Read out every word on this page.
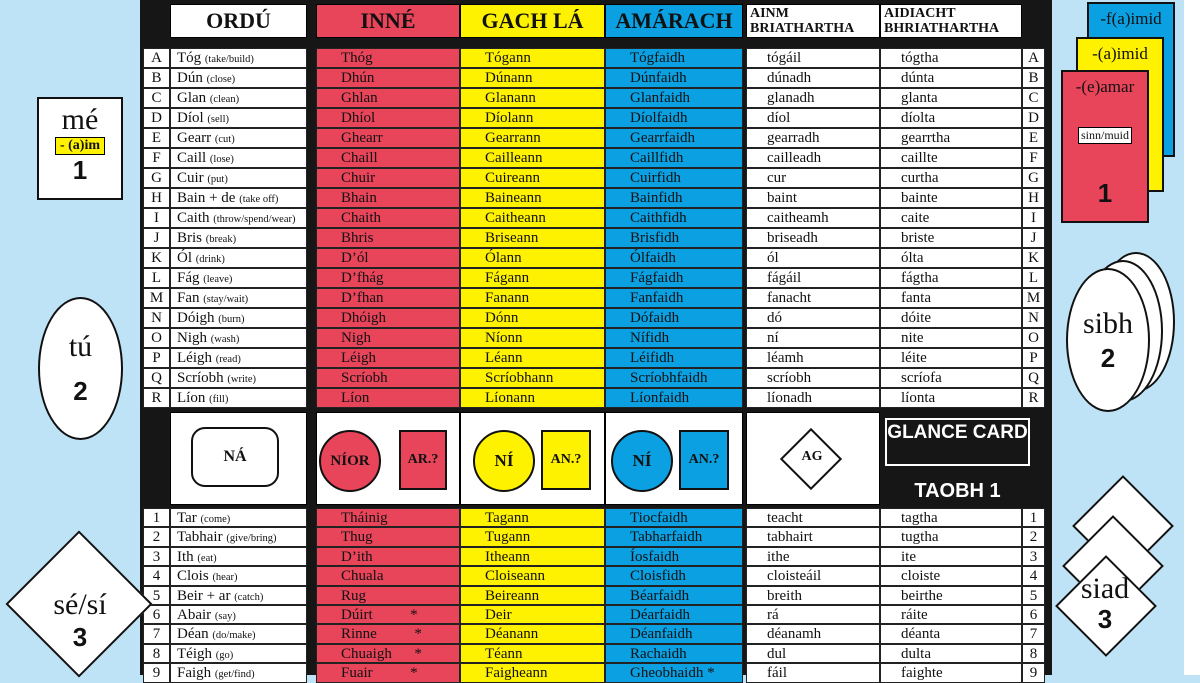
ORDÚ	INNÉ	GACH LÁ	AMÁRACH	AINM BRIATHARTHA
AIDIACHT BHRIATHARTHA
A	Tóg (take/build)	Thóg	Tógann	Tógfaidh	tógáil	tógtha	A
B	Dún (close)	Dhún	Dúnann	Dúnfaidh	dúnadh	dúnta	B
C	Glan (clean)	Ghlan	Glanann	Glanfaidh	glanadh	glanta	C
D	Díol (sell)	Dhíol	Díolann	Díolfaidh	díol	díolta	D
E	Gearr (cut)	Ghearr	Gearrann	Gearrfaidh	gearradh	gearrtha	E
F	Caill (lose)	Chaill	Cailleann	Caillfidh	cailleadh	caillte	F
G	Cuir (put)	Chuir	Cuireann	Cuirfidh	cur	curtha	G
H	Bain + de (take off)	Bhain	Baineann	Bainfidh	baint	bainte	H
I	Caith (throw/spend/wear)	Chaith	Caitheann	Caithfidh	caitheamh	caite	I
J	Bris (break)	Bhris	Briseann	Brisfidh	briseadh	briste	J
K	Ól (drink)	D’ól	Ólann	Ólfaidh	ól	ólta	K
L	Fág (leave)	D’fhág	Fágann	Fágfaidh	fágáil	fágtha	L
M Fan (stay/wait)	D’fhan	Fanann	Fanfaidh	fanacht	fanta	M
N	Dóigh (burn)	Dhóigh	Dónn	Dófaidh	dó	dóite	N
O	Nigh (wash)	Nigh	Níonn	Nífidh	ní	nite	O
P	Léigh (read)	Léigh	Léann	Léifidh	léamh	léite	P
Q	Scríobh (write)	Scríobh	Scríobhann	Scríobhfaidh	scríobh	scríofa	Q
R	Líon (fill)	Líon	Líonann	Líonfaidh	líonadh	líonta	R
1	Tar (come)	Tháinig	Tagann	Tiocfaidh	teacht	tagtha	1
2	Tabhair (give/bring)	Thug	Tugann	Tabharfaidh	tabhairt	tugtha	2
3	Ith (eat)	D’ith	Itheann	Íosfaidh	ithe	ite	3
4	Clois (hear)	Chuala	Cloiseann	Cloisfidh	cloisteáil	cloiste	4
5	Beir + ar (catch)	Rug	Beireann	Béarfaidh	breith	beirthe	5
6	Abair (say)	Dúirt          *	Deir	Déarfaidh	rá	ráite	6
7	Déan (do/make)	Rinne          *	Déanann	Déanfaidh	déanamh	déanta	7
8	Téigh (go)	Chuaigh      *	Téann	Rachaidh	dul	dulta	8
9	Faigh (get/find)	Fuair          *	Faigheann	Gheobhaidh *	fáil	faighte	9
NÁ	NÍOR	AR.?	NÍ	AN.?	NÍ	AN.?	AG
GLANCE CARD
TAOBH 1
mé
- (a)im
1
tú
2
sé/sí
3
-f(a)imid
-(a)imid
-(e)amar
sinn/muid
1
sibh
2
siad
3
